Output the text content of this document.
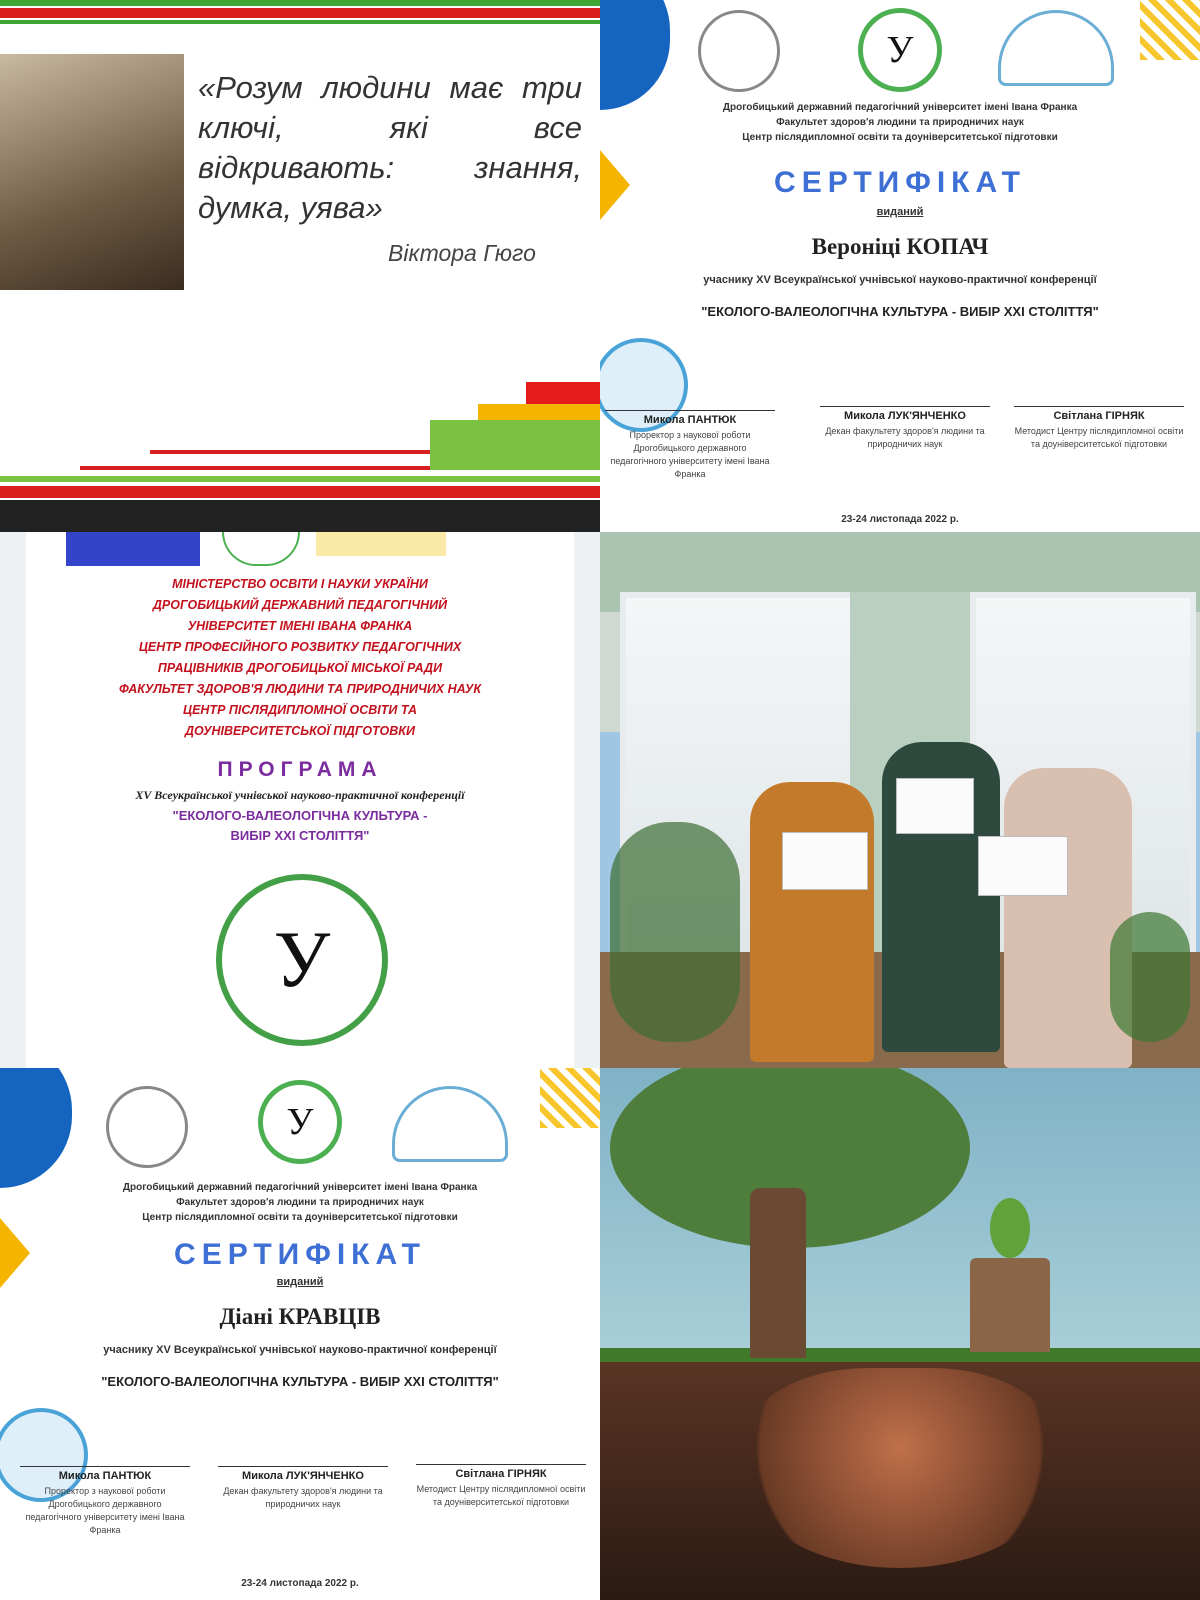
«Розум людини має три ключі, які все відкривають: знання, думка, уява»
Віктора Гюго
У
Дрогобицький державний педагогічний університет імені Івана Франка
Факультет здоров'я людини та природничих наук
Центр післядипломної освіти та доуніверситетської підготовки
СЕРТИФІКАТ
виданий
Вероніці КОПАЧ
учаснику XV Всеукраїнської учнівської науково-практичної конференції
"ЕКОЛОГО-ВАЛЕОЛОГІЧНА КУЛЬТУРА - ВИБІР XXI СТОЛІТТЯ"
Микола ПАНТЮК
Проректор з наукової роботи Дрогобицького державного педагогічного університету імені Івана Франка
Микола ЛУК'ЯНЧЕНКО
Декан факультету здоров'я людини та природничих наук
Світлана ГІРНЯК
Методист Центру післядипломної освіти та доуніверситетської підготовки
23-24 листопада 2022 р.
МІНІСТЕРСТВО ОСВІТИ І НАУКИ УКРАЇНИ
ДРОГОБИЦЬКИЙ ДЕРЖАВНИЙ ПЕДАГОГІЧНИЙ
УНІВЕРСИТЕТ ІМЕНІ ІВАНА ФРАНКА
ЦЕНТР ПРОФЕСІЙНОГО РОЗВИТКУ ПЕДАГОГІЧНИХ
ПРАЦІВНИКІВ ДРОГОБИЦЬКОЇ МІСЬКОЇ РАДИ
ФАКУЛЬТЕТ ЗДОРОВ'Я ЛЮДИНИ ТА ПРИРОДНИЧИХ НАУК
ЦЕНТР ПІСЛЯДИПЛОМНОЇ ОСВІТИ ТА
ДОУНІВЕРСИТЕТСЬКОЇ ПІДГОТОВКИ
ПРОГРАМА
XV Всеукраїнської учнівської науково-практичної конференції
"ЕКОЛОГО-ВАЛЕОЛОГІЧНА КУЛЬТУРА -
ВИБІР XXI СТОЛІТТЯ"
У
У
Дрогобицький державний педагогічний університет імені Івана Франка
Факультет здоров'я людини та природничих наук
Центр післядипломної освіти та доуніверситетської підготовки
СЕРТИФІКАТ
виданий
Діані КРАВЦІВ
учаснику XV Всеукраїнської учнівської науково-практичної конференції
"ЕКОЛОГО-ВАЛЕОЛОГІЧНА КУЛЬТУРА - ВИБІР XXI СТОЛІТТЯ"
Микола ПАНТЮК
Проректор з наукової роботи Дрогобицького державного педагогічного університету імені Івана Франка
Микола ЛУК'ЯНЧЕНКО
Декан факультету здоров'я людини та природничих наук
Світлана ГІРНЯК
Методист Центру післядипломної освіти та доуніверситетської підготовки
23-24 листопада 2022 р.
